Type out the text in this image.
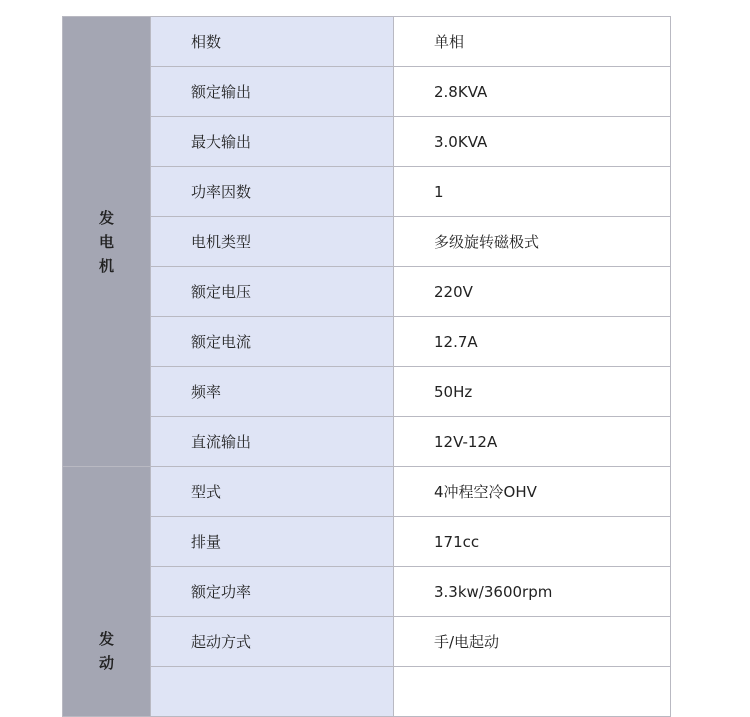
发电机	相数	单相
	额定输出	2.8KVA
	最大输出	3.0KVA
	功率因数	1
	电机类型	多级旋转磁极式
	额定电压	220V
	额定电流	12.7A
	频率	50Hz
	直流输出	12V-12A
发动	型式	4冲程空冷OHV
	排量	171cc
	额定功率	3.3kw/3600rpm
	起动方式	手/电起动
